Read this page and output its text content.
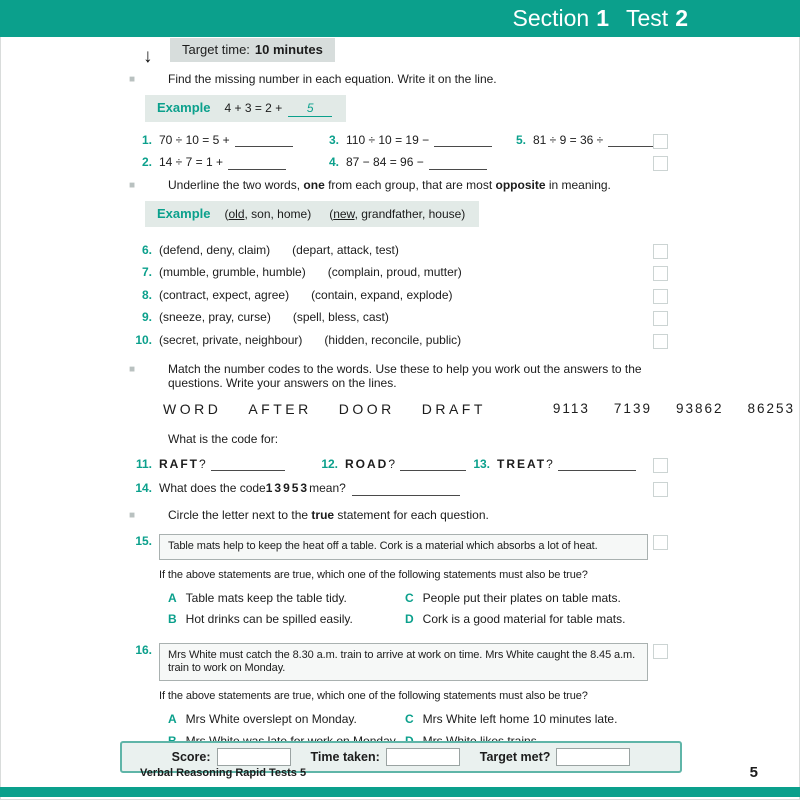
Section 1 Test 2
↓	Target time: 10 minutes
■	Find the missing number in each equation. Write it on the line.
Example 4 + 3 = 2 + 5
1. 70 ÷ 10 = 5 +	3. 110 ÷ 10 = 19 −	5. 81 ÷ 9 = 36 ÷
2. 14 ÷ 7 = 1 +	4. 87 − 84 = 96 −
■	Underline the two words, one from each group, that are most opposite in meaning.
Example (old, son, home) (new, grandfather, house)
6. (defend, deny, claim) (depart, attack, test)
7. (mumble, grumble, humble) (complain, proud, mutter)
8. (contract, expect, agree) (contain, expand, explode)
9. (sneeze, pray, curse) (spell, bless, cast)
10. (secret, private, neighbour) (hidden, reconcile, public)
■	Match the number codes to the words. Use these to help you work out the answers to the questions. Write your answers on the lines.
WORD AFTER DOOR DRAFT	9113 7139 93862 86253
What is the code for:
11. RAFT ?	12. ROAD ?	13. TREAT ?
14. What does the code 13953 mean?
■	Circle the letter next to the true statement for each question.
15.	Table mats help to keep the heat off a table. Cork is a material which absorbs a lot of heat.
If the above statements are true, which one of the following statements must also be true?
A Table mats keep the table tidy.	C People put their plates on table mats.
B Hot drinks can be spilled easily.	D Cork is a good material for table mats.
16.	Mrs White must catch the 8.30 a.m. train to arrive at work on time. Mrs White caught the 8.45 a.m. train to work on Monday.
If the above statements are true, which one of the following statements must also be true?
A Mrs White overslept on Monday.	C Mrs White left home 10 minutes late.
Score:	Time taken:	Target met?
Verbal Reasoning Rapid Tests 5	5
